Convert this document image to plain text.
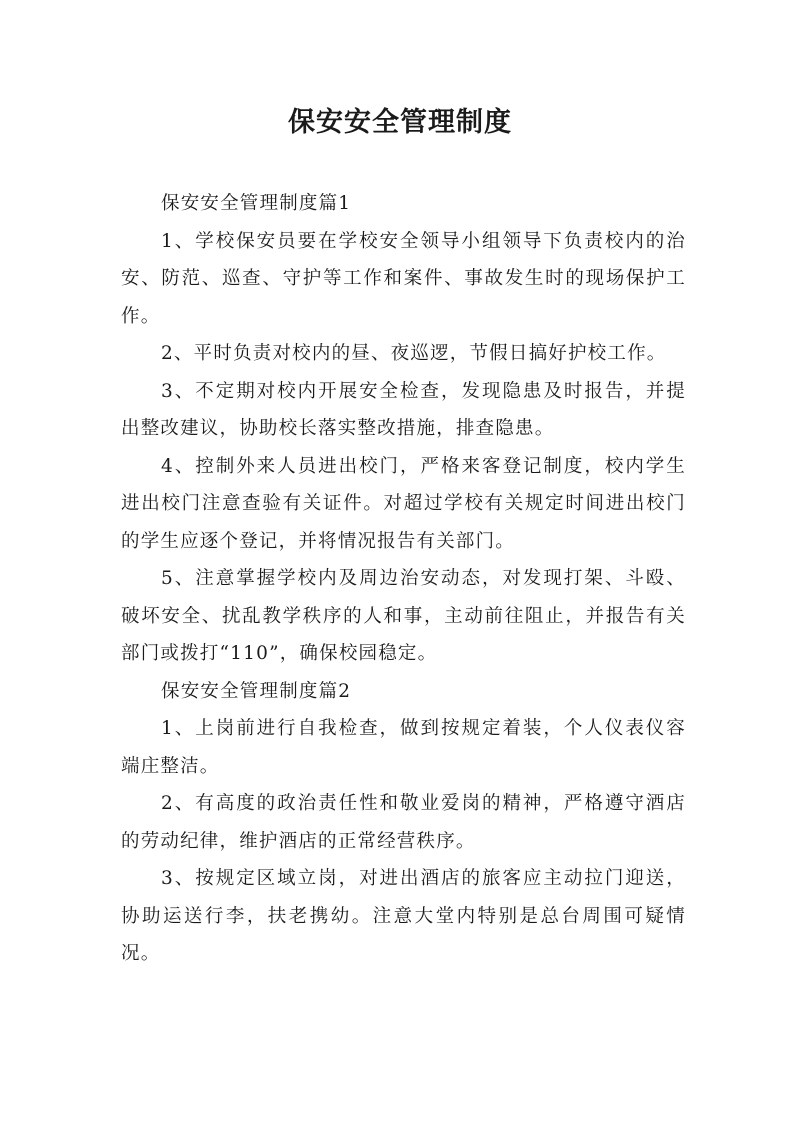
保安安全管理制度

保安安全管理制度篇1

1、学校保安员要在学校安全领导小组领导下负责校内的治安、防范、巡查、守护等工作和案件、事故发生时的现场保护工作。

2、平时负责对校内的昼、夜巡逻，节假日搞好护校工作。

3、不定期对校内开展安全检查，发现隐患及时报告，并提出整改建议，协助校长落实整改措施，排查隐患。

4、控制外来人员进出校门，严格来客登记制度，校内学生进出校门注意查验有关证件。对超过学校有关规定时间进出校门的学生应逐个登记，并将情况报告有关部门。

5、注意掌握学校内及周边治安动态，对发现打架、斗殴、破坏安全、扰乱教学秩序的人和事，主动前往阻止，并报告有关部门或拨打“110”，确保校园稳定。

保安安全管理制度篇2

1、上岗前进行自我检查，做到按规定着装，个人仪表仪容端庄整洁。

2、有高度的政治责任性和敬业爱岗的精神，严格遵守酒店的劳动纪律，维护酒店的正常经营秩序。

3、按规定区域立岗，对进出酒店的旅客应主动拉门迎送，协助运送行李，扶老携幼。注意大堂内特别是总台周围可疑情况。
